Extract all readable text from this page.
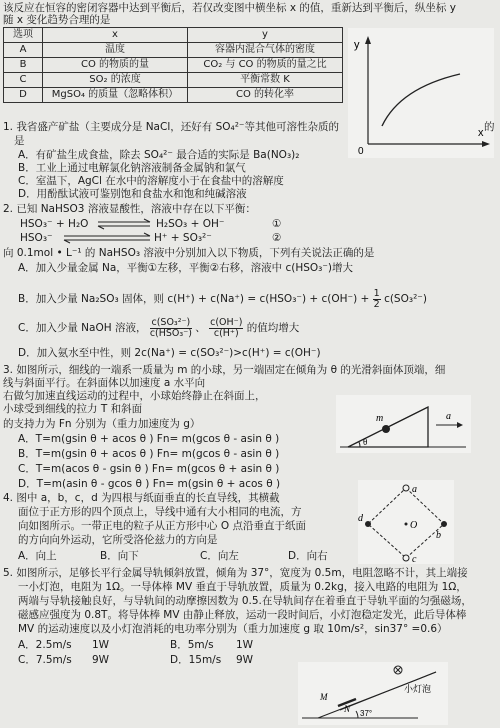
该反应在恒容的密闭容器中达到平衡后，若仅改变图中横坐标 x 的值，重新达到平衡后，纵坐标 y
随 x 变化趋势合理的是
选项	x	y
A	温度	容器内混合气体的密度
B	CO 的物质的量	CO₂ 与 CO 的物质的量之比
C	SO₂ 的浓度	平衡常数 K
D	MgSO₄ 的质量（忽略体积）	CO 的转化率
y
x
0
1. 我省盛产矿盐（主要成分是 NaCl，还好有 SO₄²⁻等其他可溶性杂质的	的
是
A．有矿盐生成食盐，除去 SO₄²⁻ 最合适的实际是 Ba(NO₃)₂
B．工业上通过电解氯化钠溶液制备金属钠和氯气
C．室温下，AgCl 在水中的溶解度小于在食盐中的溶解度
D．用酚酞试液可鉴别饱和食盐水和饱和纯碱溶液
2. 已知 NaHSO3 溶液显酸性，溶液中存在以下平衡：
HSO₃⁻ + H₂O	H₂SO₃ + OH⁻	①
HSO₃⁻	H⁺ + SO₃²⁻	②
向 0.1mol • L⁻¹ 的 NaHSO₃ 溶液中分别加入以下物质，下列有关说法正确的是
A．加入少量金属 Na，平衡①左移，平衡②右移，溶液中 c(HSO₃⁻)增大
B．加入少量 Na₂SO₃ 固体，则 $c(H^+) + c(Na^+) = c(HSO_3^-) + c(OH^-) + \frac{1}{2} c(SO_3^{2-})$
C．加入少量 NaOH 溶液， $\frac{\text{c(SO₃²⁻)}}{\text{c(HSO₃⁻)}}$ 、 $\frac{c(OH^-)}{c(H^+)}$ 的值均增大
D．加入氨水至中性，则 2c(Na⁺) = c(SO₃²⁻)>c(H⁺) = c(OH⁻)
3. 如图所示，细线的一端系一质量为 m 的小球，另一端固定在倾角为 θ 的光滑斜面体顶端，细
线与斜面平行。在斜面体以加速度 a 水平向
右做匀加速直线运动的过程中，小球始终静止在斜面上，
小球受到细线的拉力 T 和斜面
的支持力为 Fn 分别为（重力加速度为 g）
A．T=m(gsin θ + acos θ ) Fn= m(gcos θ - asin θ )
B．T=m(gsin θ + acos θ ) Fn= m(gcos θ - asin θ )
C．T=m(acos θ - gsin θ ) Fn= m(gcos θ + asin θ )
D．T=m(asin θ - gcos θ ) Fn= m(gsin θ + acos θ )
m	a
θ
4. 图中 a，b，c，d 为四根与纸面垂直的长直导线，其横截
面位于正方形的四个顶点上，导线中通有大小相同的电流，方
向如图所示。一带正电的粒子从正方形中心 O 点沿垂直于纸面
的方向向外运动，它所受洛伦兹力的方向是
A．向上	B．向下	C．向左	D．向右
a
b
c
d
O
5. 如图所示，足够长平行金属导轨倾斜放置，倾角为 37°，宽度为 0.5m，电阻忽略不计，其上端接
一小灯泡，电阻为 1Ω。一导体棒 MV 垂直于导轨放置，质量为 0.2kg，接入电路的电阻为 1Ω，
两端与导轨接触良好，与导轨间的动摩擦因数为 0.5.在导轨间存在着垂直于导轨平面的匀强磁场，
磁感应强度为 0.8T。将导体棒 MV 由静止释放，运动一段时间后，小灯泡稳定发光，此后导体棒
MV 的运动速度以及小灯泡消耗的电功率分别为（重力加速度 g 取 10m/s²，sin37° =0.6）
A．2.5m/s 1W	B．5m/s 1W
C．7.5m/s 9W	D．15m/s 9W
小灯泡
M
N 37°
